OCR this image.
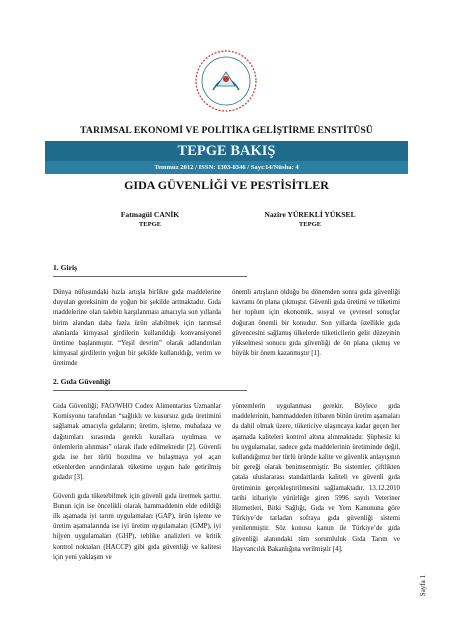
TARIMSAL EKONOMİ VE POLİTİKA GELİŞTİRME ENSTİTÜSÜ
TEPGE BAKIŞ
Temmuz 2012 / ISSN: 1303-8346 / Sayı:14/Nüsha: 4
GIDA GÜVENLİĞİ VE PESTİSİTLER
Fatmagül CANİK
TEPGE
Nazire YÜREKLİ YÜKSEL
TEPGE
1. Giriş

Dünya nüfusundaki hızla artışla birlikte gıda maddelerine duyulan gereksinim de yoğun bir şekilde artmaktadır. Gıda maddelerine olan talebin karşılanması amacıyla son yıllarda birim alandan daha fazla ürün alabilmek için tarımsal alanlarda kimyasal girdilerin kullanıldığı konvansiyonel üretime başlanmıştır. “Yeşil devrim” olarak adlandırılan kimyasal girdilerin yoğun bir şekilde kullanıldığı, verim ve üretimde

önemli artışların olduğu bu dönemden sonra gıda güvenliği kavramı ön plana çıkmıştır. Güvenli gıda üretimi ve tüketimi her toplum için ekonomik, sosyal ve çevresel sonuçlar doğuran önemli bir konudur. Son yıllarda özellikle gıda güvencesini sağlamış ülkelerde tüketicilerin gelir düzeyinin yükselmesi sonucu gıda güvenliği de ön plana çıkmış ve büyük bir önem kazanmıştır [1].

2. Gıda Güvenliği

Gıda Güvenliği; FAO/WHO Codex Alimentarius Uzmanlar Komisyonu tarafından “sağlıklı ve kusursuz gıda üretimini sağlamak amacıyla gıdaların; üretim, işleme, muhafaza ve dağıtımları sırasında gerekli kurallara uyulması ve önlemlerin alınması” olarak ifade edilmektedir [2]. Güvenli gıda ise her türlü bozulma ve bulaşmaya yol açan etkenlerden arındırılarak tüketime uygun hale getirilmiş gıdadır [3].

Güvenli gıda tüketebilmek için güvenli gıda üretmek şarttır. Bunun için ise öncelikli olarak hammaddenin elde edildiği ilk aşamada iyi tarım uygulamaları (GAP), ürün işleme ve üretim aşamalarında ise iyi üretim uygulamaları (GMP), iyi hijyen uygulamaları (GHP), tehlike analizleri ve kritik kontrol noktaları (HACCP) gibi gıda güvenliği ve kalitesi için yeni yaklaşım ve

yöntemlerin uygulanması gerekir. Böylece gıda maddelerinin, hammaddeden itibaren bütün üretim aşamaları da dahil olmak üzere, tüketiciye ulaşıncaya kadar geçen her aşamada kaliteleri kontrol altına alınmaktadır. Şüphesiz ki bu uygulamalar, sadece gıda maddelerinin üretiminde değil, kullandığımız her türlü üründe kalite ve güvenlik anlayışının bir gereği olarak benimsenmiştir. Bu sistemler, çiftlikten çatala uluslararası standartlarda kaliteli ve güvenli gıda üretiminin gerçekleştirilmesini sağlamaktadır. 13.12.2010 tarihi itibariyle yürürlüğe giren 5996 sayılı Veteriner Hizmetleri, Bitki Sağlığı, Gıda ve Yem Kanununa göre Türkiye’de tarladan sofraya gıda güvenliği sistemi yenilenmiştir. Söz konusu kanun ile Türkiye’de gıda güvenliği alanındaki tüm sorumluluk Gıda Tarım ve Hayvancılık Bakanlığına verilmiştir [4].

Sayfa 1
